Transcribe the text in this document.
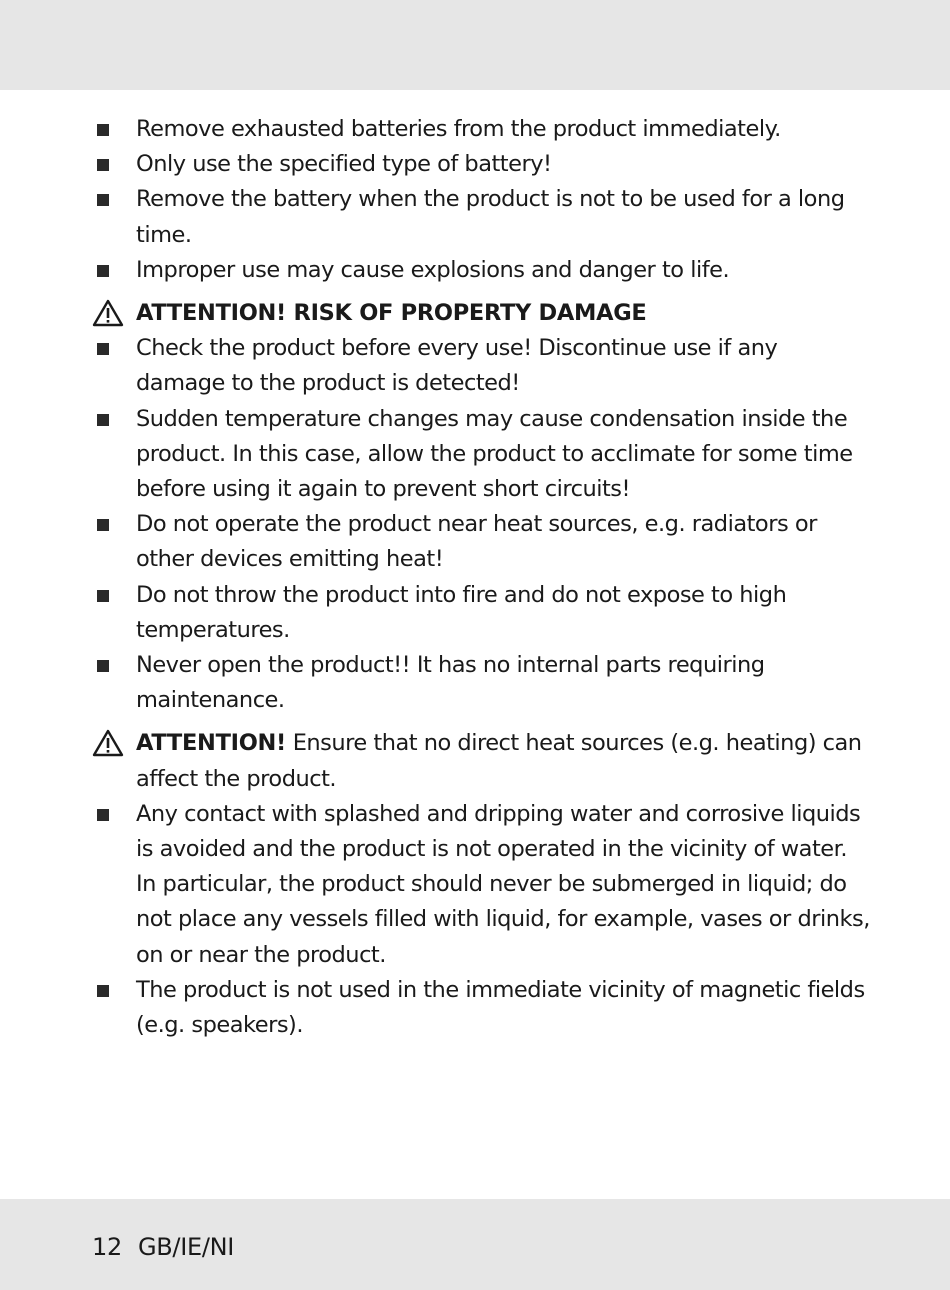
Remove exhausted batteries from the product immediately.
Only use the specified type of battery!
Remove the battery when the product is not to be used for a long time.
Improper use may cause explosions and danger to life.
ATTENTION! RISK OF PROPERTY DAMAGE
Check the product before every use! Discontinue use if any damage to the product is detected!
Sudden temperature changes may cause condensation inside the product. In this case, allow the product to acclimate for some time before using it again to prevent short circuits!
Do not operate the product near heat sources, e.g. radiators or other devices emitting heat!
Do not throw the product into fire and do not expose to high temperatures.
Never open the product!! It has no internal parts requiring maintenance.
ATTENTION! Ensure that no direct heat sources (e.g. heating) can affect the product.
Any contact with splashed and dripping water and corrosive liquids is avoided and the product is not operated in the vicinity of water. In particular, the product should never be submerged in liquid; do not place any vessels filled with liquid, for example, vases or drinks, on or near the product.
The product is not used in the immediate vicinity of magnetic fields (e.g. speakers).
12 GB/IE/NI
